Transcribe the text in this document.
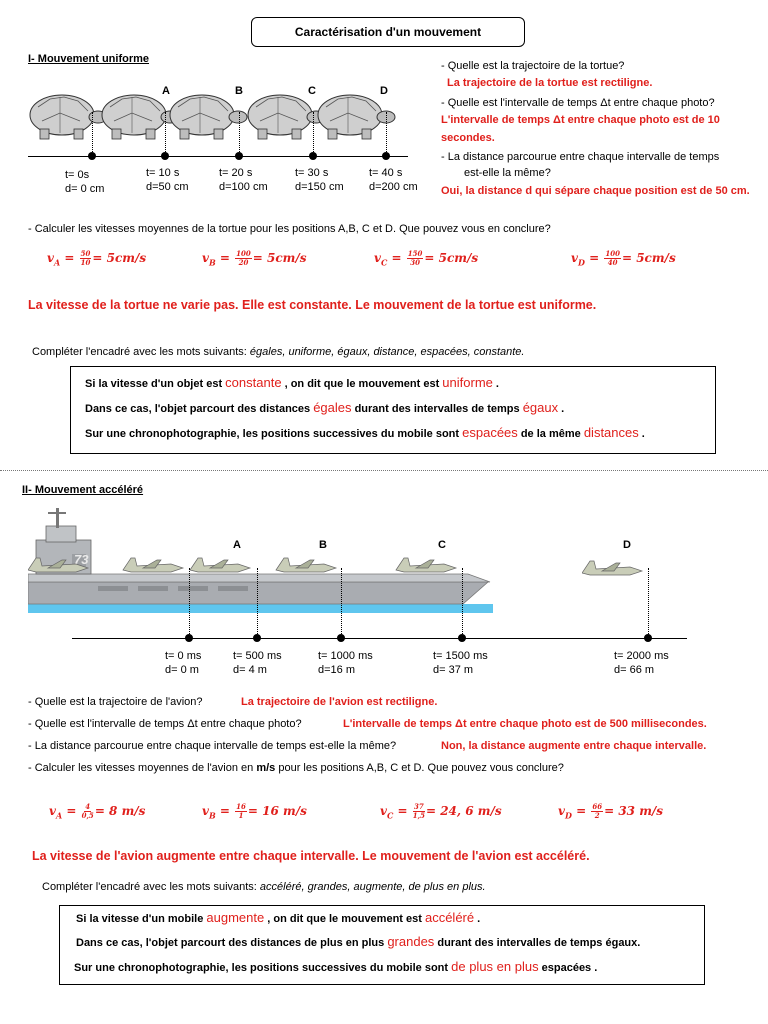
Caractérisation d'un mouvement
I- Mouvement uniforme
A	B	C	D
t= 0s
d= 0 cm
t= 10 s
d=50 cm
t= 20 s
d=100 cm
t= 30 s
d=150 cm
t= 40 s
d=200 cm
- Quelle est la trajectoire de la tortue?
La trajectoire de la tortue est rectiligne.
- Quelle est l'intervalle de temps Δt entre chaque photo?
L'intervalle de temps Δt entre chaque photo est de 10
secondes.
- La distance parcourue entre chaque intervalle de temps
est-elle la même?
Oui, la distance d qui sépare chaque position est de 50 cm.
- Calculer les vitesses moyennes de la tortue pour les positions A,B, C et D. Que pouvez vous en conclure?
$v_A = \frac{50}{10} = 5cm/s$	$v_B = \frac{100}{20} = 5cm/s$	$v_C = \frac{150}{30} = 5cm/s$	$v_D = \frac{100}{40} = 5cm/s$
La vitesse de la tortue ne varie pas. Elle est constante. Le mouvement de la tortue est uniforme.
Compléter l'encadré avec les mots suivants: égales, uniforme, égaux, distance, espacées, constante.
Si la vitesse d'un objet est constante , on dit que le mouvement est uniforme .
Dans ce cas, l'objet parcourt des distances égales durant des intervalles de temps égaux .
Sur une chronophotographie, les positions successives du mobile sont espacées de la même distances .
II- Mouvement accéléré
73
A	B	C	D
t= 0 ms
d= 0 m
t= 500 ms
d= 4 m
t= 1000 ms
d=16 m
t= 1500 ms
d= 37 m
t= 2000 ms
d= 66 m
- Quelle est la trajectoire de l'avion?	La trajectoire de l'avion est rectiligne.
- Quelle est l'intervalle de temps Δt entre chaque photo?	L'intervalle de temps Δt entre chaque photo est de 500 millisecondes.
- La distance parcourue entre chaque intervalle de temps est-elle la même?	Non, la distance augmente entre chaque intervalle.
- Calculer les vitesses moyennes de l'avion en m/s pour les positions A,B, C et D. Que pouvez vous conclure?
$v_A = \frac{4}{0,5} = 8$ m/s	$v_B = \frac{16}{1} = 16$ m/s	$v_C = \frac{37}{1,5} = 24$, 6 m/s	$v_D = \frac{66}{2} = 33$ m/s
La vitesse de l'avion augmente entre chaque intervalle. Le mouvement de l'avion est accéléré.
Compléter l'encadré avec les mots suivants: accéléré, grandes, augmente, de plus en plus.
Si la vitesse d'un mobile augmente , on dit que le mouvement est accéléré .
Dans ce cas, l'objet parcourt des distances de plus en plus grandes durant des intervalles de temps égaux.
Sur une chronophotographie, les positions successives du mobile sont de plus en plus espacées .
